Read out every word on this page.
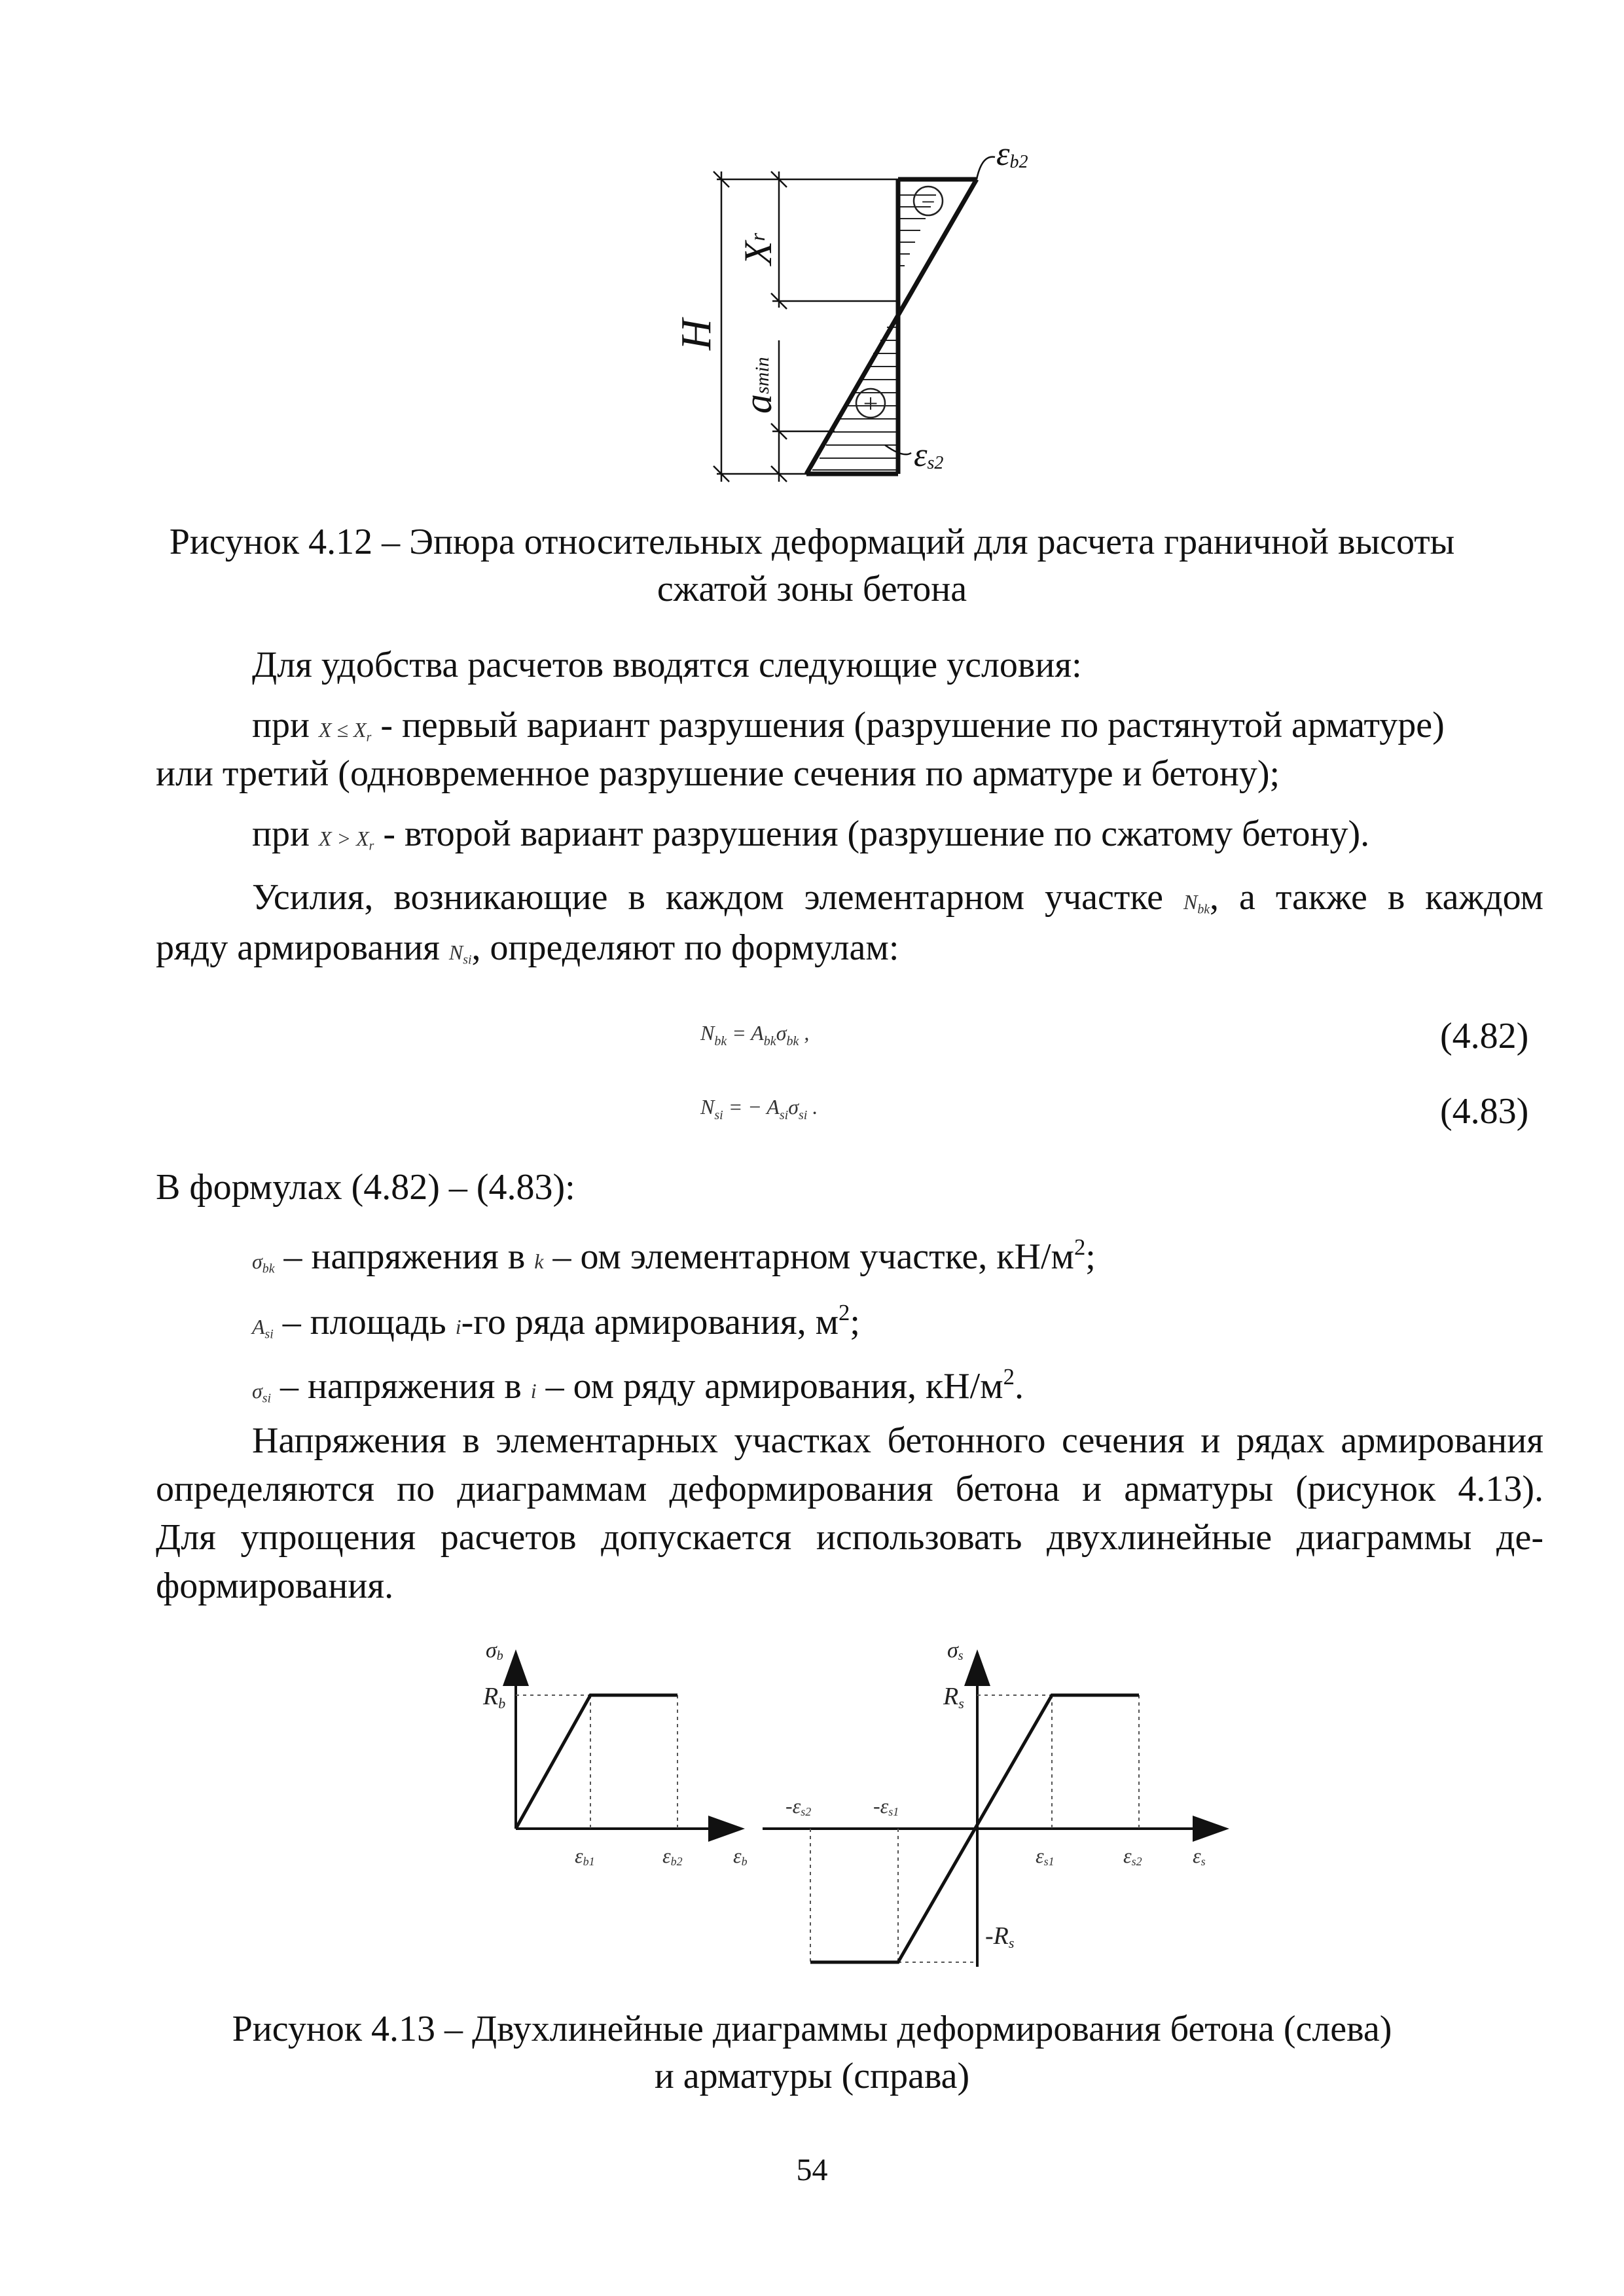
−
+
εb2
εs2
H
Xr
asmin
Рисунок 4.12 – Эпюра относительных деформаций для расчета граничной высоты
сжатой зоны бетона
Для удобства расчетов вводятся следующие условия:
при $X \le X_r$ - первый вариант разрушения (разрушение по растянутой арматуре)
или третий (одновременное разрушение сечения по арматуре и бетону);
при $X > X_r$ - второй вариант разрушения (разрушение по сжатому бетону).
Усилия, возникающие в каждом элементарном участке $N_{bk}$, а также в каждом
ряду армирования $N_{si}$, определяют по формулам:
$N_{bk} = A_{bk}\sigma_{bk}$ ,	(4.82)
$N_{si}$ = − $A_{si}\sigma_{si}$ .	(4.83)
В формулах (4.82) – (4.83):
$\sigma_{bk}$ – напряжения в k – ом элементарном участке, $кН/м^2$;
$A_{si}$ – площадь i-го ряда армирования, $м^2$;
$\sigma_{si}$ – напряжения в i – ом ряду армирования, $кН/м^2$.
Напряжения в элементарных участках бетонного сечения и рядах армирования
определяются по диаграммам деформирования бетона и арматуры (рисунок 4.13).
Для упрощения расчетов допускается использовать двухлинейные диаграммы де-
формирования.
σb
Rb
εb1	εb2 εb
σs
Rs
εs1	εs2 εs
-εs2	-εs1
-Rs
Рисунок 4.13 – Двухлинейные диаграммы деформирования бетона (слева)
и арматуры (справа)
54
